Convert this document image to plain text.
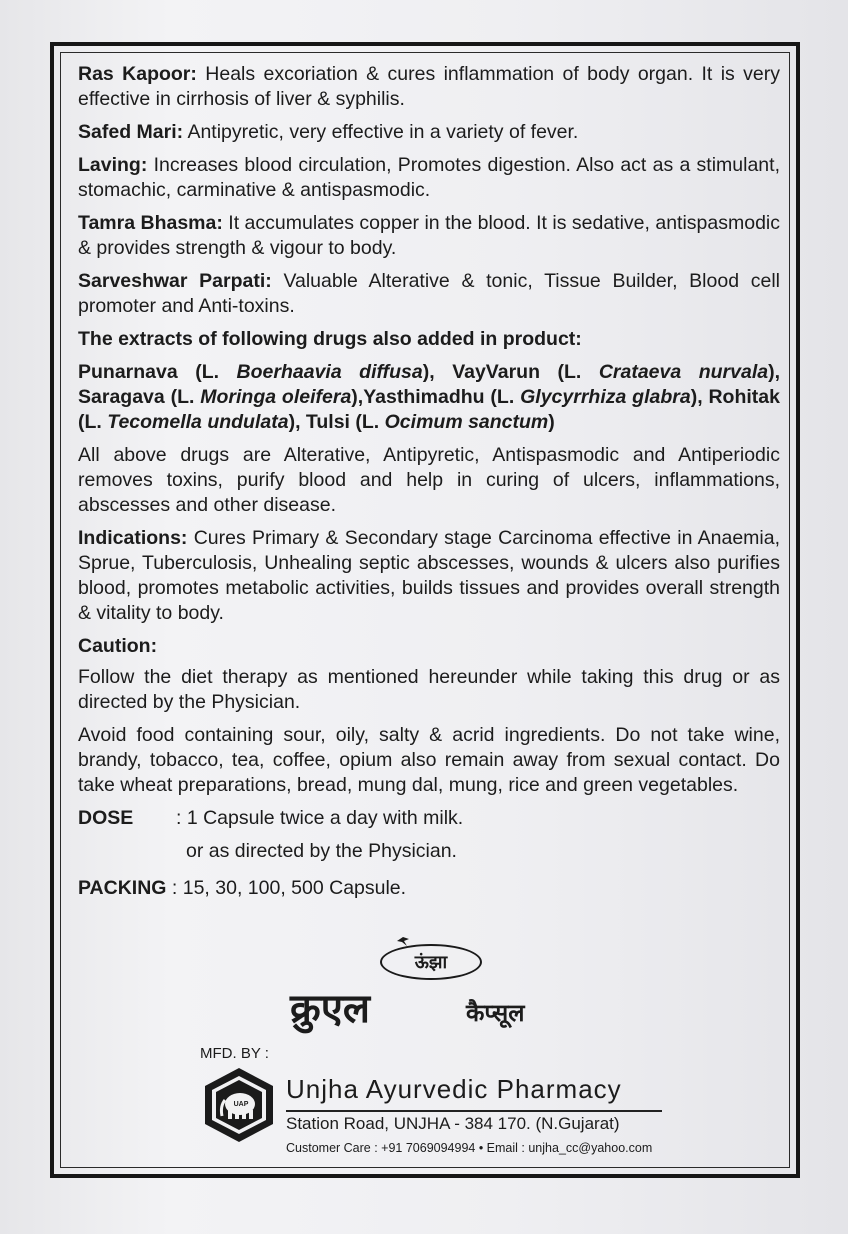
Ras Kapoor: Heals excoriation & cures inflammation of body organ. It is very effective in cirrhosis of liver & syphilis.

Safed Mari: Antipyretic, very effective in a variety of fever.

Laving: Increases blood circulation, Promotes digestion. Also act as a stimulant, stomachic, carminative & antispasmodic.

Tamra Bhasma: It accumulates copper in the blood. It is sedative, antispasmodic & provides strength & vigour to body.

Sarveshwar Parpati: Valuable Alterative & tonic, Tissue Builder, Blood cell promoter and Anti-toxins.

The extracts of following drugs also added in product:

Punarnava (L. Boerhaavia diffusa), VayVarun (L. Crataeva nurvala), Saragava (L. Moringa oleifera),Yasthimadhu (L. Glycyrrhiza glabra), Rohitak (L. Tecomella undulata), Tulsi (L. Ocimum sanctum)

All above drugs are Alterative, Antipyretic, Antispasmodic and Antiperiodic removes toxins, purify blood and help in curing of ulcers, inflammations, abscesses and other disease.

Indications: Cures Primary & Secondary stage Carcinoma effective in Anaemia, Sprue, Tuberculosis, Unhealing septic abscesses, wounds & ulcers also purifies blood, promotes metabolic activities, builds tissues and provides overall strength & vitality to body.

Caution:

Follow the diet therapy as mentioned hereunder while taking this drug or as directed by the Physician.

Avoid food containing sour, oily, salty & acrid ingredients. Do not take wine, brandy, tobacco, tea, coffee, opium also remain away from sexual contact. Do take wheat preparations, bread, mung dal, mung, rice and green vegetables.

DOSE	: 1 Capsule twice a day with milk.
or as directed by the Physician.
PACKING : 15, 30, 100, 500 Capsule.
ऊंझा
क्रुएल	कैप्सूल
MFD. BY :
UAP
Unjha Ayurvedic Pharmacy
Station Road, UNJHA - 384 170. (N.Gujarat)
Customer Care : +91 7069094994 • Email : unjha_cc@yahoo.com
